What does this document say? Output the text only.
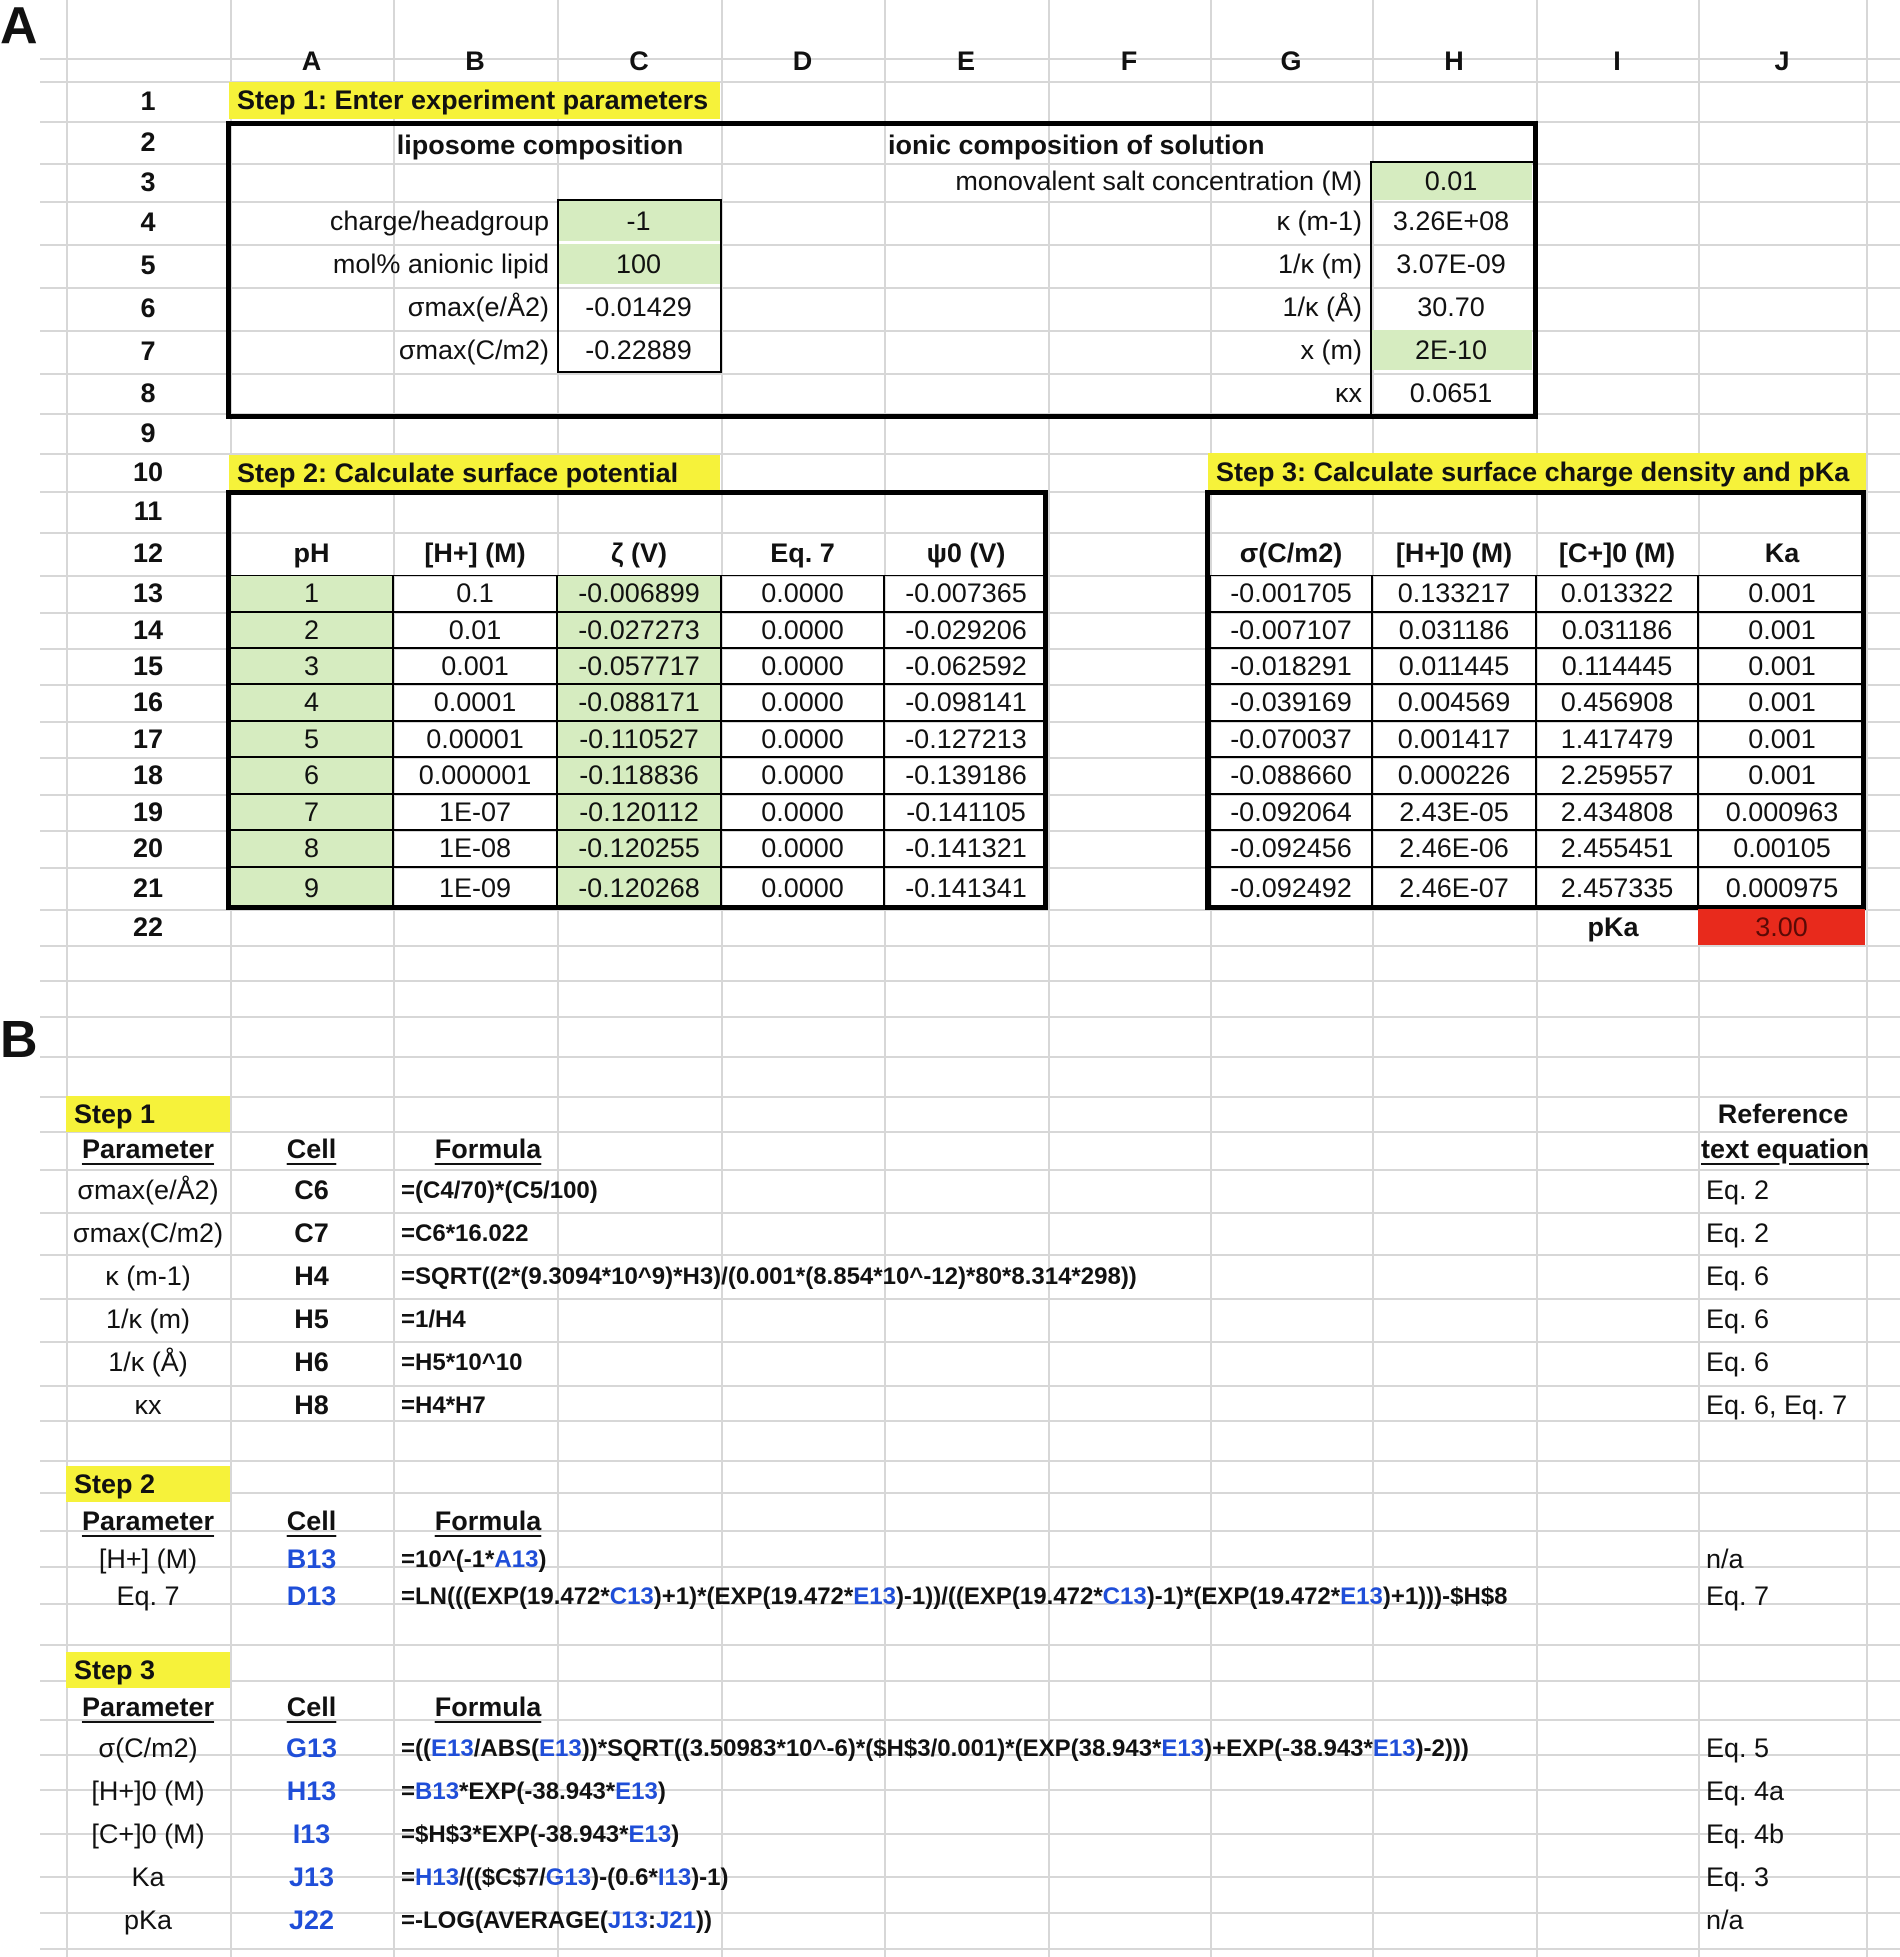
A
B
A	B	C	D	E	F	G	H	I	J
1
2
3
4
5
6
7
8
9
10
11
12
13
14
15
16
17
18
19
20
21
22
Step 1: Enter experiment parameters
liposome composition	ionic composition of solution
monovalent salt concentration (M)	0.01
charge/headgroup	-1
mol% anionic lipid	100
σmax(e/Å2)	-0.01429
σmax(C/m2)	-0.22889
κ (m-1)	3.26E+08
1/κ (m)	3.07E-09
1/κ (Å)	30.70
x (m)	2E-10
κx	0.0651
Step 2: Calculate surface potential
pH	[H+] (M)	ζ (V)	Eq. 7	ψ0 (V)
1	0.1	-0.006899	0.0000	-0.007365
2	0.01	-0.027273	0.0000	-0.029206
3	0.001	-0.057717	0.0000	-0.062592
4	0.0001	-0.088171	0.0000	-0.098141
5	0.00001	-0.110527	0.0000	-0.127213
6	0.000001	-0.118836	0.0000	-0.139186
7	1E-07	-0.120112	0.0000	-0.141105
8	1E-08	-0.120255	0.0000	-0.141321
9	1E-09	-0.120268	0.0000	-0.141341
Step 3: Calculate surface charge density and pKa
σ(C/m2)	[H+]0 (M)	[C+]0 (M)	Ka
-0.001705	0.133217	0.013322	0.001
-0.007107	0.031186	0.031186	0.001
-0.018291	0.011445	0.114445	0.001
-0.039169	0.004569	0.456908	0.001
-0.070037	0.001417	1.417479	0.001
-0.088660	0.000226	2.259557	0.001
-0.092064	2.43E-05	2.434808	0.000963
-0.092456	2.46E-06	2.455451	0.00105
-0.092492	2.46E-07	2.457335	0.000975
pKa	3.00
Step 1
Parameter	Cell	Formula
Reference
text equation
σmax(e/Å2)	C6	=(C4/70)*(C5/100)	Eq. 2
σmax(C/m2)	C7	=C6*16.022	Eq. 2
κ (m-1)	H4	=SQRT((2*(9.3094*10^9)*H3)/(0.001*(8.854*10^-12)*80*8.314*298))	Eq. 6
1/κ (m)	H5	=1/H4	Eq. 6
1/κ (Å)	H6	=H5*10^10	Eq. 6
κx	H8	=H4*H7	Eq. 6, Eq. 7
Step 2
Parameter	Cell	Formula
[H+] (M)	B13	=10^(-1* A13 )	n/a
Eq. 7	D13	=LN(((EXP(19.472* C13 )+1)*(EXP(19.472* E13 )-1))/((EXP(19.472* C13 )-1)*(EXP(19.472* E13 )+1)))-$H$8	Eq. 7
Step 3
Parameter	Cell	Formula
σ(C/m2)	G13	=(( E13 /ABS( E13 ))*SQRT((3.50983*10^-6)*($H$3/0.001)*(EXP(38.943* E13 )+EXP(-38.943* E13 )-2)))	Eq. 5
[H+]0 (M)	H13	= B13 *EXP(-38.943* E13 )	Eq. 4a
[C+]0 (M)	I13	=$H$3*EXP(-38.943* E13 )	Eq. 4b
Ka	J13	= H13 /(($C$7/ G13 )-(0.6* I13 )-1)	Eq. 3
pKa	J22	=-LOG(AVERAGE( J13 : J21 ))	n/a
